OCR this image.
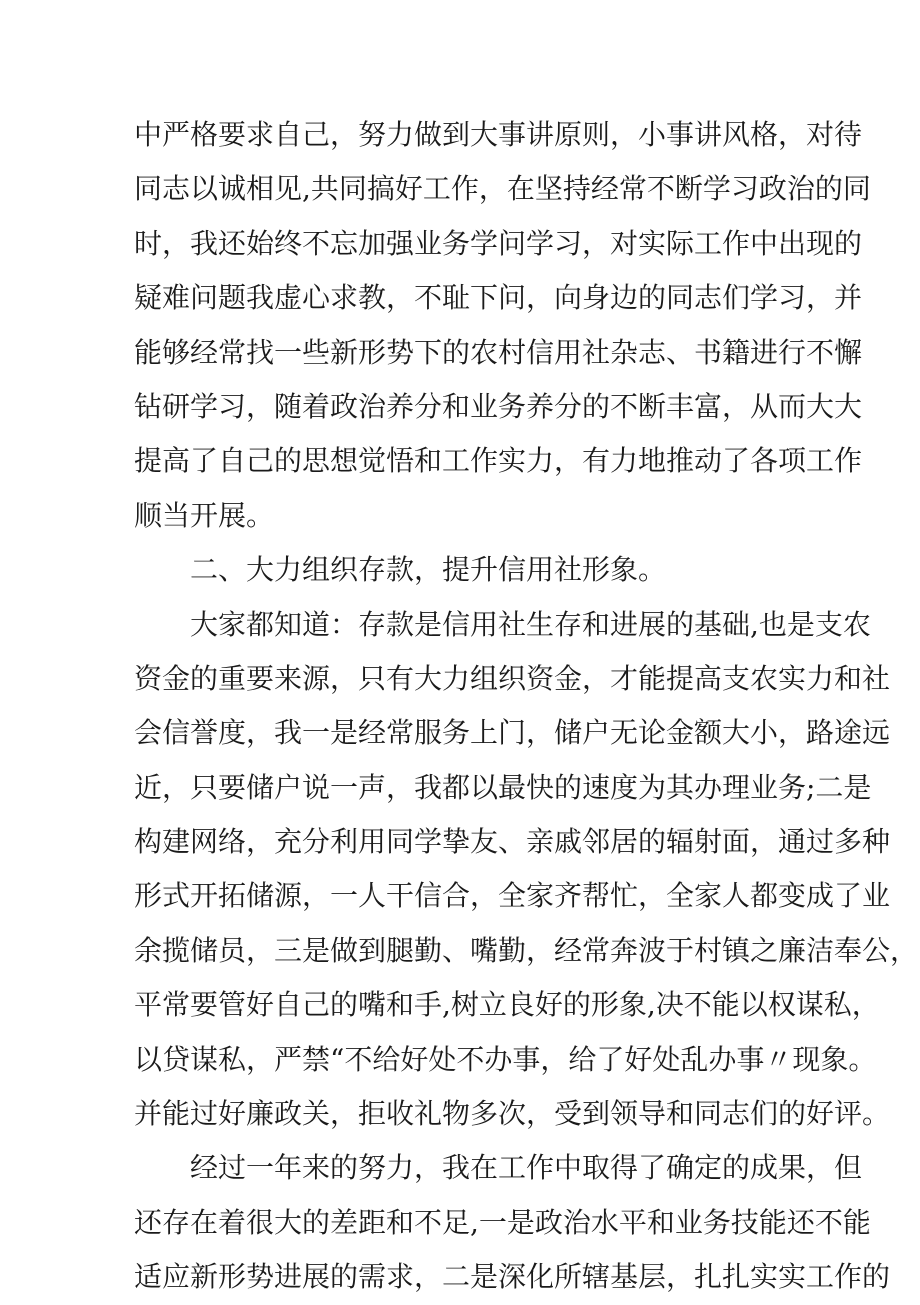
中严格要求自己，努力做到大事讲原则，小事讲风格，对待
同志以诚相见,共同搞好工作，在坚持经常不断学习政治的同
时，我还始终不忘加强业务学问学习，对实际工作中出现的
疑难问题我虚心求教，不耻下问，向身边的同志们学习，并
能够经常找一些新形势下的农村信用社杂志、书籍进行不懈
钻研学习，随着政治养分和业务养分的不断丰富，从而大大
提高了自己的思想觉悟和工作实力，有力地推动了各项工作
顺当开展。
二、大力组织存款，提升信用社形象。
大家都知道：存款是信用社生存和进展的基础,也是支农
资金的重要来源，只有大力组织资金，才能提高支农实力和社
会信誉度，我一是经常服务上门，储户无论金额大小，路途远
近，只要储户说一声，我都以最快的速度为其办理业务;二是
构建网络，充分利用同学挚友、亲戚邻居的辐射面，通过多种
形式开拓储源，一人干信合，全家齐帮忙，全家人都变成了业
余揽储员，三是做到腿勤、嘴勤，经常奔波于村镇之廉洁奉公，
平常要管好自己的嘴和手,树立良好的形象,决不能以权谋私，
以贷谋私，严禁“不给好处不办事，给了好处乱办事〃现象。
并能过好廉政关，拒收礼物多次，受到领导和同志们的好评。
经过一年来的努力，我在工作中取得了确定的成果，但
还存在着很大的差距和不足,一是政治水平和业务技能还不能
适应新形势进展的需求，二是深化所辖基层，扎扎实实工作的
